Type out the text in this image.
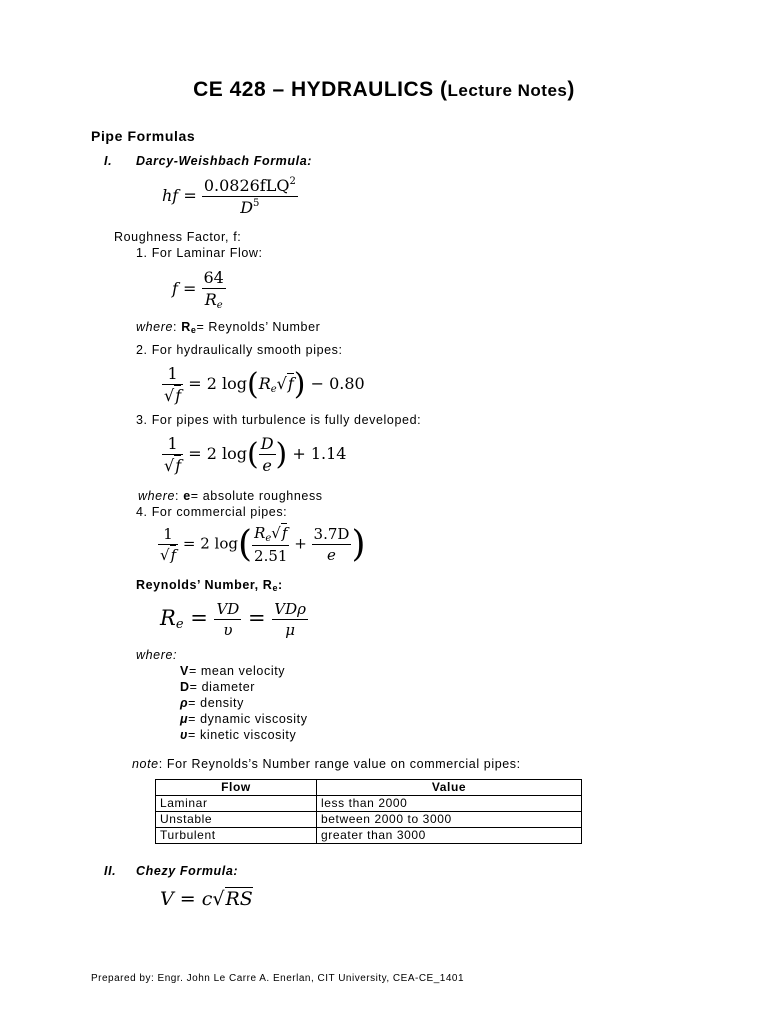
CE 428 – HYDRAULICS (Lecture Notes)
Pipe Formulas
I. Darcy-Weishbach Formula:
hf = $\frac{0.0826fLQ^2}{D^5}$
Roughness Factor, f:
1. For Laminar Flow:
$f = \frac{64}{Re}$
where: Re= Reynolds’ Number
2. For hydraulically smooth pipes:
$\frac{1}{√f} = 2$ log(Re√f) − 0.80
3. For pipes with turbulence is fully developed:
$\frac{1}{√f} = 2$ $\log( \frac{D}{e}$ ) + 1.14
where: e= absolute roughness
4. For commercial pipes:
$\frac{1}{√f} = 2$ $\log( \frac{R_e√f}{2.51} + \frac{3.7D}{e}$ )
Reynolds’ Number, Re:
$Re = \frac{VD}{\upsilon} = \frac{\text{VDρ}}{\mu}$
where:
V= mean velocity
D= diameter
ρ= density
μ= dynamic viscosity
υ= kinetic viscosity
note: For Reynolds’s Number range value on commercial pipes:
Flow	Value
Laminar	less than 2000
Unstable	between 2000 to 3000
Turbulent	greater than 3000
II. Chezy Formula:
V = c√RS
Prepared by: Engr. John Le Carre A. Enerlan, CIT University, CEA-CE_1401
